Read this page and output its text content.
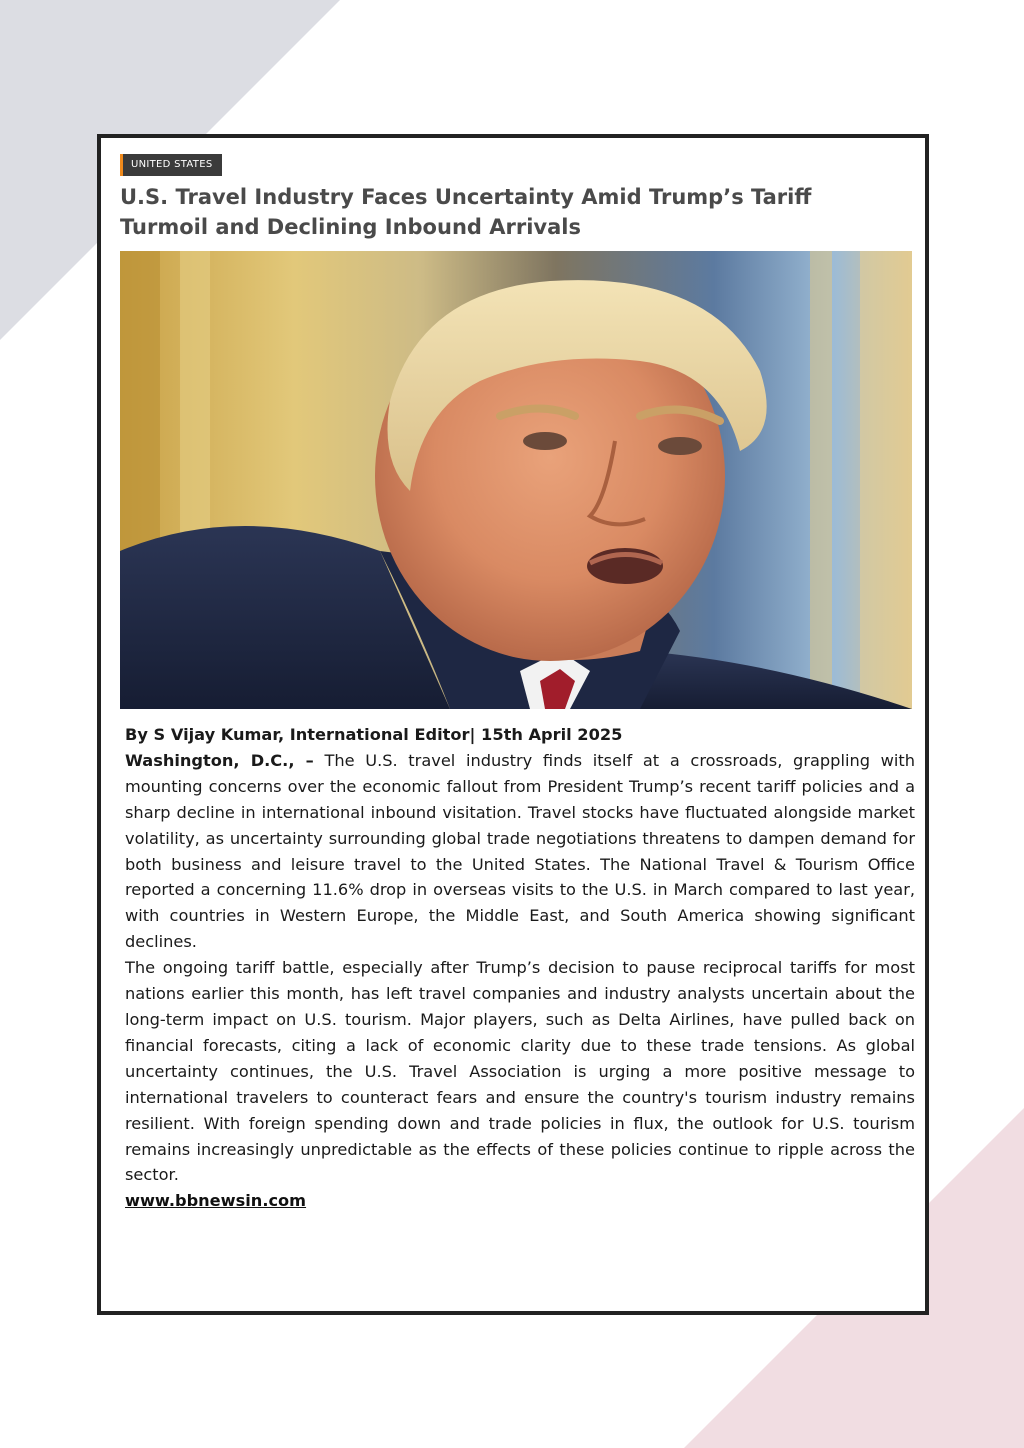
UNITED STATES
U.S. Travel Industry Faces Uncertainty Amid Trump’s Tariff Turmoil and Declining Inbound Arrivals

By S Vijay Kumar, International Editor| 15th April 2025

Washington, D.C., – The U.S. travel industry finds itself at a crossroads, grappling with mounting concerns over the economic fallout from President Trump’s recent tariff policies and a sharp decline in international inbound visitation. Travel stocks have fluctuated alongside market volatility, as uncertainty surrounding global trade negotiations threatens to dampen demand for both business and leisure travel to the United States. The National Travel & Tourism Office reported a concerning 11.6% drop in overseas visits to the U.S. in March compared to last year, with countries in Western Europe, the Middle East, and South America showing significant declines.

The ongoing tariff battle, especially after Trump’s decision to pause reciprocal tariffs for most nations earlier this month, has left travel companies and industry analysts uncertain about the long-term impact on U.S. tourism. Major players, such as Delta Airlines, have pulled back on financial forecasts, citing a lack of economic clarity due to these trade tensions. As global uncertainty continues, the U.S. Travel Association is urging a more positive message to international travelers to counteract fears and ensure the country's tourism industry remains resilient. With foreign spending down and trade policies in flux, the outlook for U.S. tourism remains increasingly unpredictable as the effects of these policies continue to ripple across the sector.

www.bbnewsin.com
